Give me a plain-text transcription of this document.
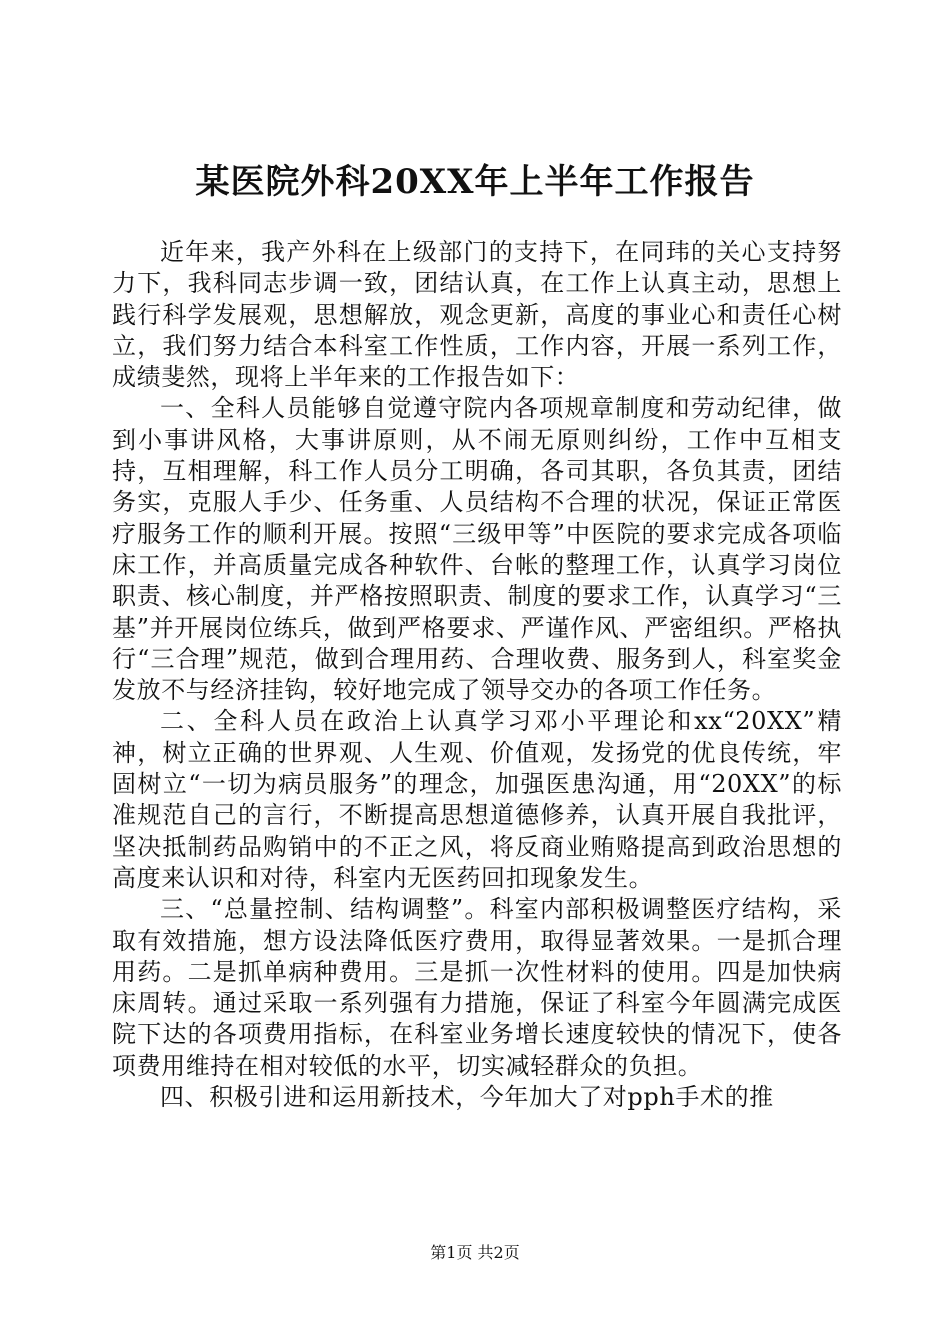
某医院外科20XX年上半年工作报告

近年来，我产外科在上级部门的支持下，在同玮的关心支持努力下，我科同志步调一致，团结认真，在工作上认真主动，思想上践行科学发展观，思想解放，观念更新，高度的事业心和责任心树立，我们努力结合本科室工作性质，工作内容，开展一系列工作，成绩斐然，现将上半年来的工作报告如下：

一、全科人员能够自觉遵守院内各项规章制度和劳动纪律，做到小事讲风格，大事讲原则，从不闹无原则纠纷，工作中互相支持，互相理解，科工作人员分工明确，各司其职，各负其责，团结务实，克服人手少、任务重、人员结构不合理的状况，保证正常医疗服务工作的顺利开展。按照“三级甲等”中医院的要求完成各项临床工作，并高质量完成各种软件、台帐的整理工作，认真学习岗位职责、核心制度，并严格按照职责、制度的要求工作，认真学习“三基”并开展岗位练兵，做到严格要求、严谨作风、严密组织。严格执行“三合理”规范，做到合理用药、合理收费、服务到人，科室奖金发放不与经济挂钩，较好地完成了领导交办的各项工作任务。

二、全科人员在政治上认真学习邓小平理论和xx“20XX”精神，树立正确的世界观、人生观、价值观，发扬党的优良传统，牢固树立“一切为病员服务”的理念，加强医患沟通，用“20XX”的标准规范自己的言行，不断提高思想道德修养，认真开展自我批评，坚决抵制药品购销中的不正之风，将反商业贿赂提高到政治思想的高度来认识和对待，科室内无医药回扣现象发生。

三、“总量控制、结构调整”。科室内部积极调整医疗结构，采取有效措施，想方设法降低医疗费用，取得显著效果。一是抓合理用药。二是抓单病种费用。三是抓一次性材料的使用。四是加快病床周转。通过采取一系列强有力措施，保证了科室今年圆满完成医院下达的各项费用指标，在科室业务增长速度较快的情况下，使各项费用维持在相对较低的水平，切实减轻群众的负担。

四、积极引进和运用新技术，今年加大了对pph手术的推

第1页 共2页
